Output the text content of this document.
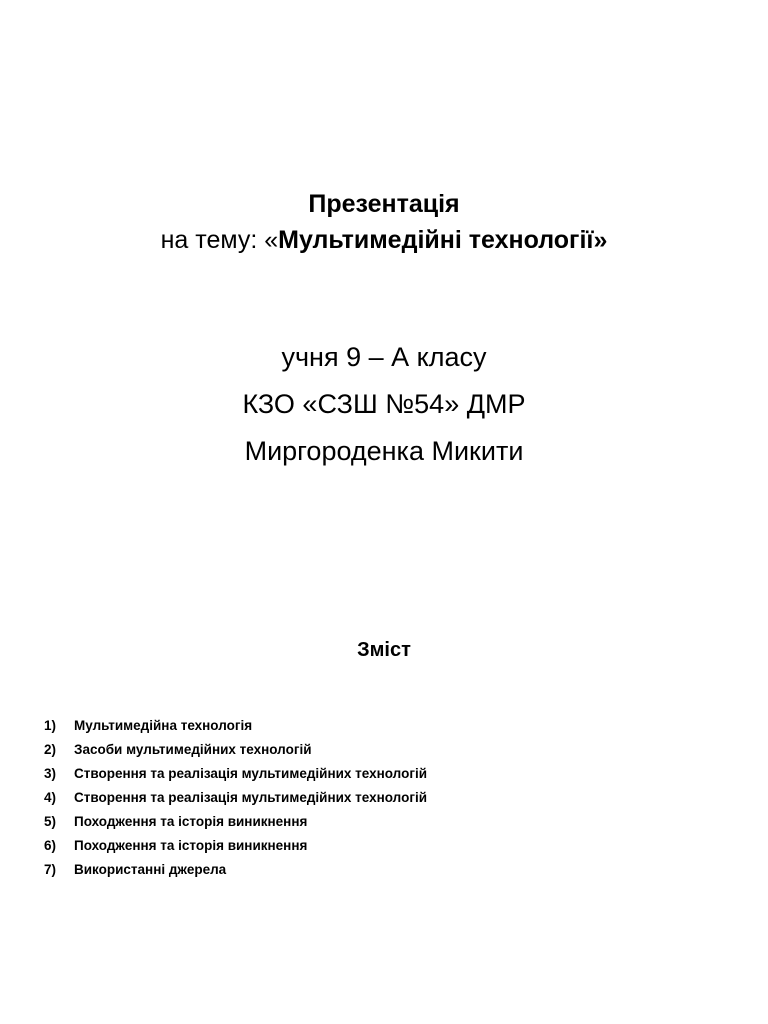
Презентація
на тему: «Мультимедійні технології»
учня 9 – А класу
КЗО «СЗШ №54» ДМР
Миргороденка Микити
Зміст
1)	Мультимедійна технологія
2)	Засоби мультимедійних технологій
3)	Створення та реалізація мультимедійних технологій
4)	Створення та реалізація мультимедійних технологій
5)	Походження та історія виникнення
6)	Походження та історія виникнення
7)	Використанні джерела
